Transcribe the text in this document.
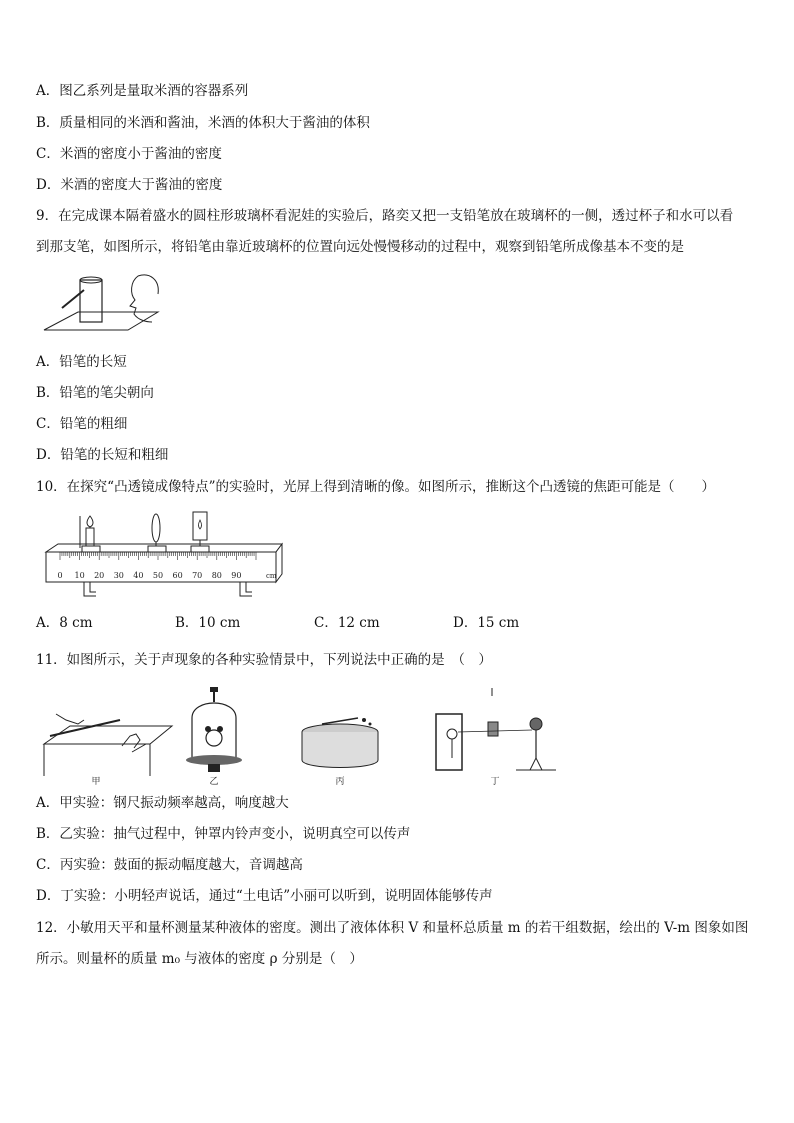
A．图乙系列是量取米酒的容器系列
B．质量相同的米酒和酱油，米酒的体积大于酱油的体积
C．米酒的密度小于酱油的密度
D．米酒的密度大于酱油的密度
9．在完成课本隔着盛水的圆柱形玻璃杯看泥娃的实验后，路奕又把一支铅笔放在玻璃杯的一侧，透过杯子和水可以看
到那支笔，如图所示，将铅笔由靠近玻璃杯的位置向远处慢慢移动的过程中，观察到铅笔所成像基本不变的是
A．铅笔的长短
B．铅笔的笔尖朝向
C．铅笔的粗细
D．铅笔的长短和粗细
10．在探究“凸透镜成像特点”的实验时，光屏上得到清晰的像。如图所示，推断这个凸透镜的焦距可能是（　　）
0 10 20 30 40 50 60 70 80 90	cm
A．8 cm	B．10 cm	C．12 cm	D．15 cm
11．如图所示，关于声现象的各种实验情景中，下列说法中正确的是　（　）
甲	乙	丙	丁
A．甲实验：钢尺振动频率越高，响度越大
B．乙实验：抽气过程中，钟罩内铃声变小，说明真空可以传声
C．丙实验：鼓面的振动幅度越大，音调越高
D．丁实验：小明轻声说话，通过“土电话”小丽可以听到，说明固体能够传声
12．小敏用天平和量杯测量某种液体的密度。测出了液体体积 V 和量杯总质量 m 的若干组数据，绘出的 V-m 图象如图
所示。则量杯的质量 m₀ 与液体的密度 ρ 分别是（　）
